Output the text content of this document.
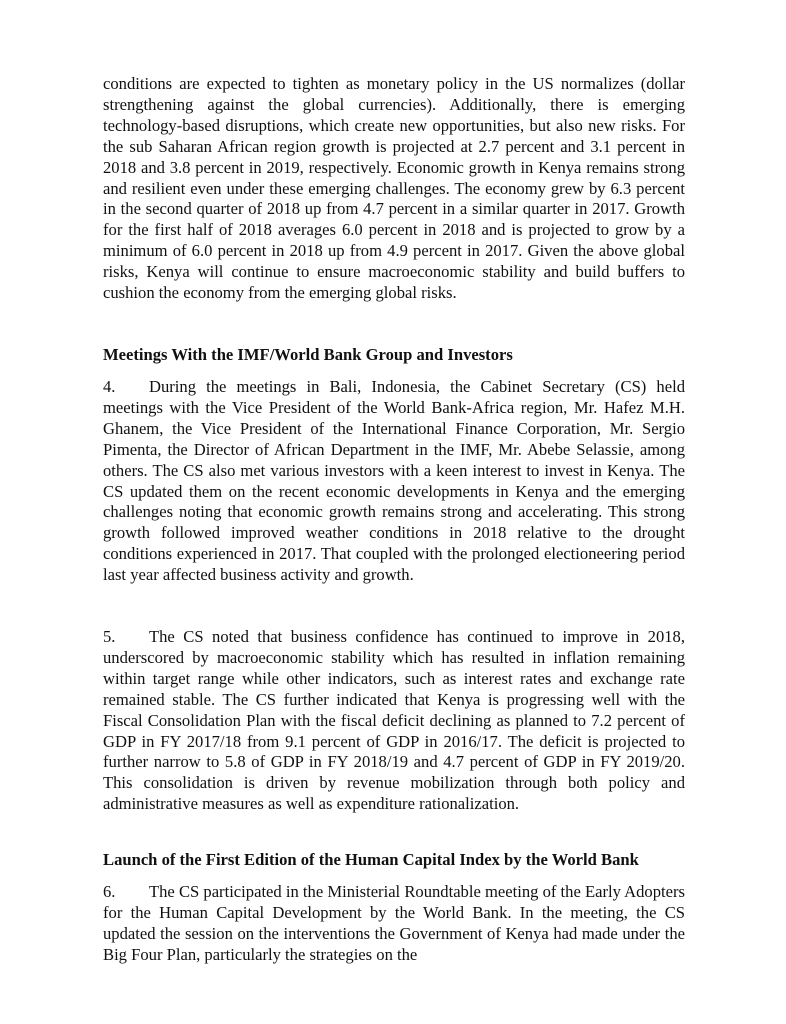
conditions are expected to tighten as monetary policy in the US normalizes (dollar strengthening against the global currencies). Additionally, there is emerging technology-based disruptions, which create new opportunities, but also new risks. For the sub Saharan African region growth is projected at 2.7 percent and 3.1 percent in 2018 and 3.8 percent in 2019, respectively. Economic growth in Kenya remains strong and resilient even under these emerging challenges. The economy grew by 6.3 percent in the second quarter of 2018 up from 4.7 percent in a similar quarter in 2017. Growth for the first half of 2018 averages 6.0 percent in 2018 and is projected to grow by a minimum of 6.0 percent in 2018 up from 4.9 percent in 2017. Given the above global risks, Kenya will continue to ensure macroeconomic stability and build buffers to cushion the economy from the emerging global risks.

Meetings With the IMF/World Bank Group and Investors

4. During the meetings in Bali, Indonesia, the Cabinet Secretary (CS) held meetings with the Vice President of the World Bank-Africa region, Mr. Hafez M.H. Ghanem, the Vice President of the International Finance Corporation, Mr. Sergio Pimenta, the Director of African Department in the IMF, Mr. Abebe Selassie, among others. The CS also met various investors with a keen interest to invest in Kenya. The CS updated them on the recent economic developments in Kenya and the emerging challenges noting that economic growth remains strong and accelerating. This strong growth followed improved weather conditions in 2018 relative to the drought conditions experienced in 2017. That coupled with the prolonged electioneering period last year affected business activity and growth.

5. The CS noted that business confidence has continued to improve in 2018, underscored by macroeconomic stability which has resulted in inflation remaining within target range while other indicators, such as interest rates and exchange rate remained stable. The CS further indicated that Kenya is progressing well with the Fiscal Consolidation Plan with the fiscal deficit declining as planned to 7.2 percent of GDP in FY 2017/18 from 9.1 percent of GDP in 2016/17. The deficit is projected to further narrow to 5.8 of GDP in FY 2018/19 and 4.7 percent of GDP in FY 2019/20. This consolidation is driven by revenue mobilization through both policy and administrative measures as well as expenditure rationalization.

Launch of the First Edition of the Human Capital Index by the World Bank

6. The CS participated in the Ministerial Roundtable meeting of the Early Adopters for the Human Capital Development by the World Bank. In the meeting, the CS updated the session on the interventions the Government of Kenya had made under the Big Four Plan, particularly the strategies on the
